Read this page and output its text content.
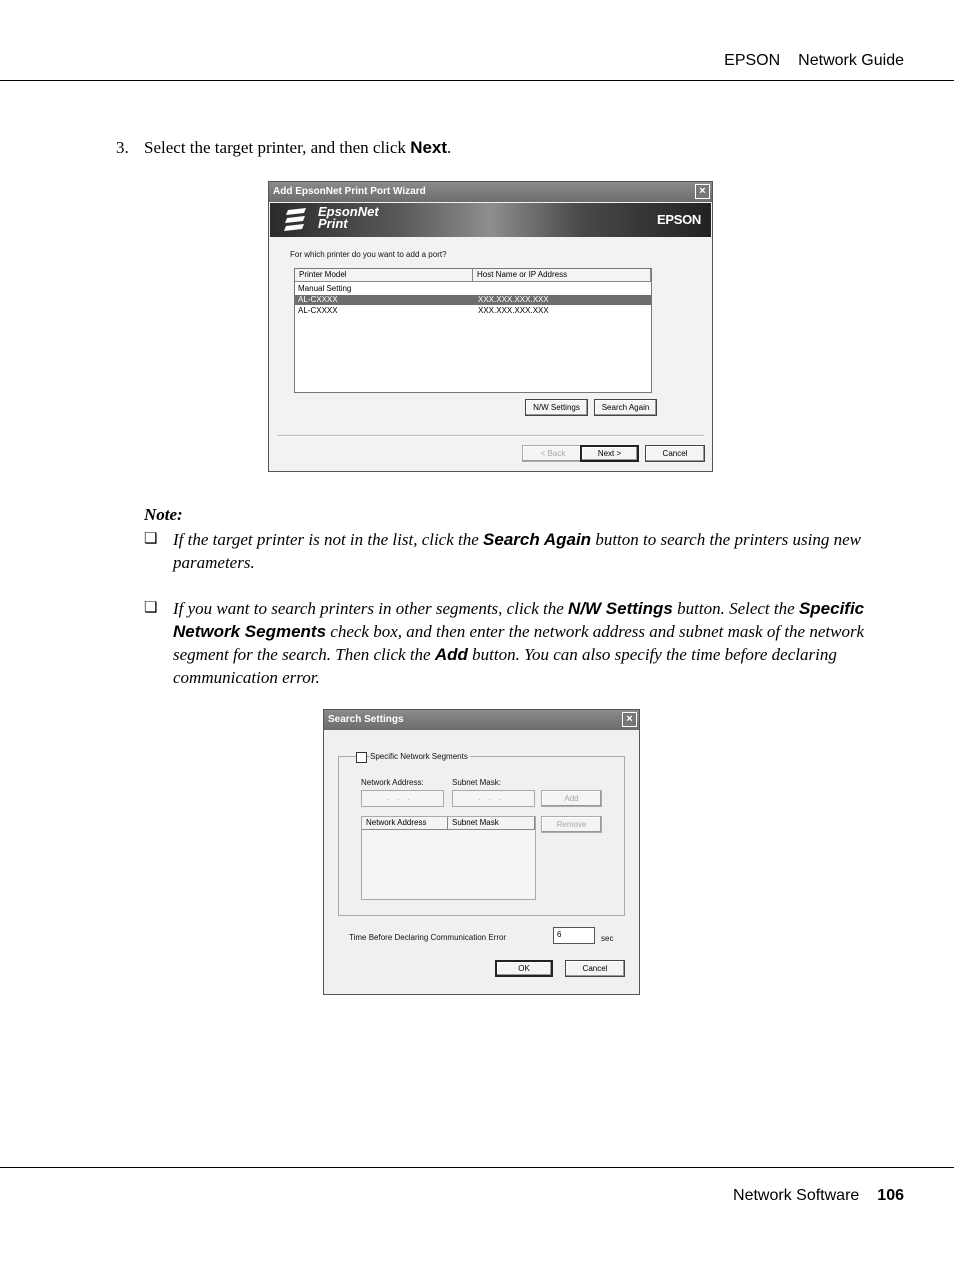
EPSON Network Guide
3. Select the target printer, and then click Next.
Add EpsonNet Print Port Wizard	×
EpsonNet
Print	EPSON
For which printer do you want to add a port?
Printer Model	Host Name or IP Address
Manual Setting
AL-CXXXX	XXX.XXX.XXX.XXX
AL-CXXXX	XXX.XXX.XXX.XXX
N/W Settings	Search Again
< Back	Next >	Cancel
Note:
❏ If the target printer is not in the list, click the Search Again button to search the printers using new parameters.
❏ If you want to search printers in other segments, click the N/W Settings button. Select the Specific Network Segments check box, and then enter the network address and subnet mask of the network segment for the search. Then click the Add button. You can also specify the time before declaring communication error.
Search Settings	×
Specific Network Segments
Network Address:	Subnet Mask:
...	...	Add
Network Address	Subnet Mask	Remove
Time Before Declaring Communication Error	6	sec
OK	Cancel
Network Software 106
